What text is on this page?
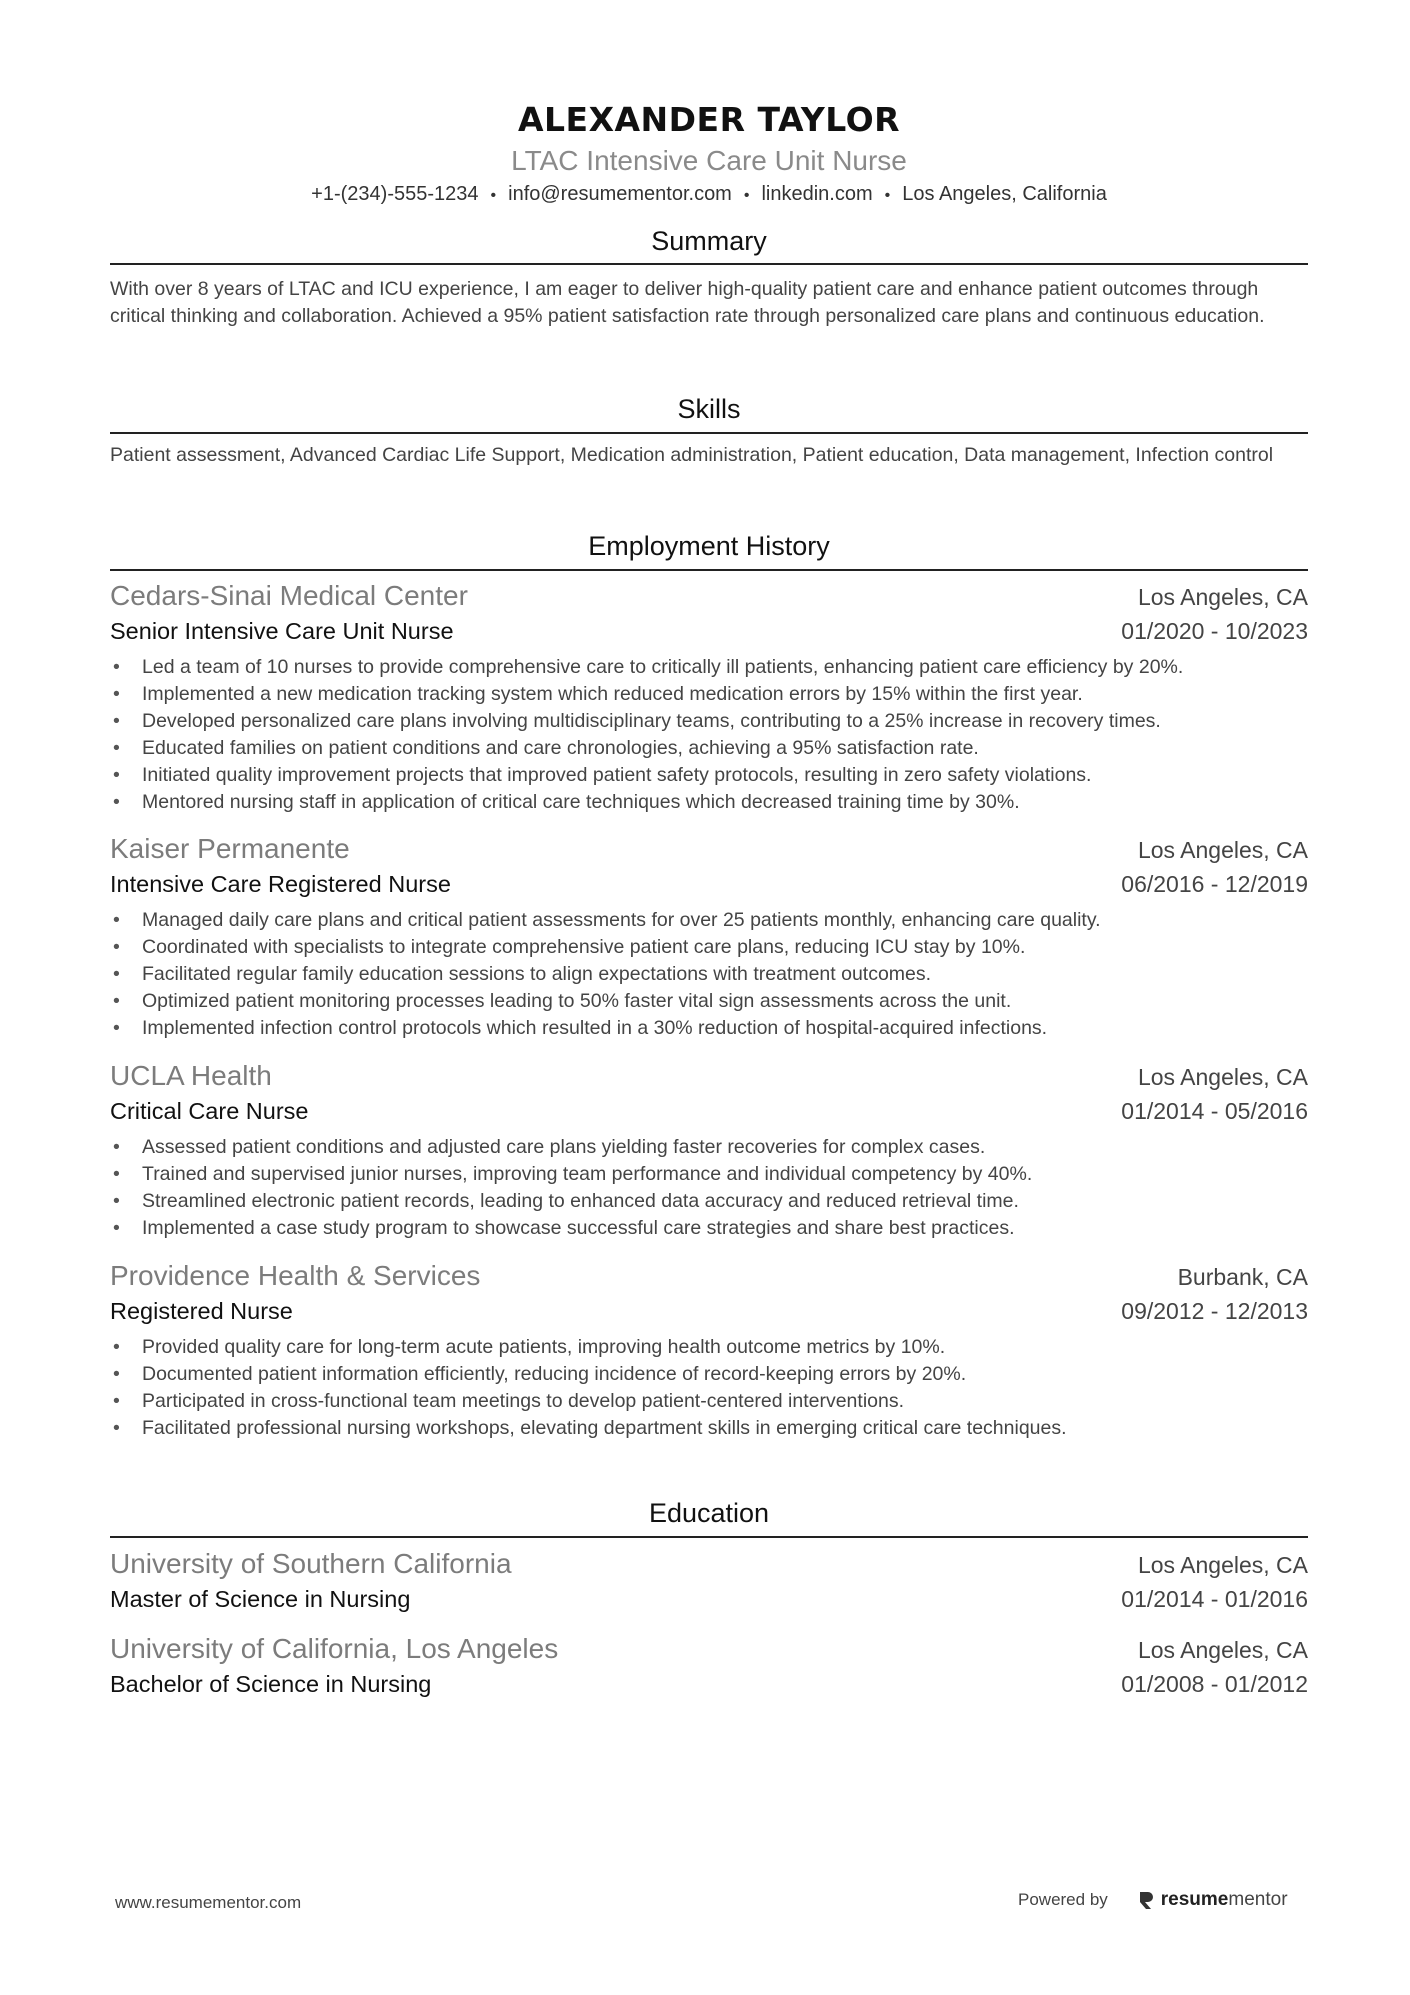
ALEXANDER TAYLOR
LTAC Intensive Care Unit Nurse
+1-(234)-555-1234 • info@resumementor.com • linkedin.com • Los Angeles, California
Summary
With over 8 years of LTAC and ICU experience, I am eager to deliver high-quality patient care and enhance patient outcomes through critical thinking and collaboration. Achieved a 95% patient satisfaction rate through personalized care plans and continuous education.
Skills
Patient assessment, Advanced Cardiac Life Support, Medication administration, Patient education, Data management, Infection control
Employment History
Cedars-Sinai Medical Center	Los Angeles, CA
Senior Intensive Care Unit Nurse	01/2020 - 10/2023
• Led a team of 10 nurses to provide comprehensive care to critically ill patients, enhancing patient care efficiency by 20%.
• Implemented a new medication tracking system which reduced medication errors by 15% within the first year.
• Developed personalized care plans involving multidisciplinary teams, contributing to a 25% increase in recovery times.
• Educated families on patient conditions and care chronologies, achieving a 95% satisfaction rate.
• Initiated quality improvement projects that improved patient safety protocols, resulting in zero safety violations.
• Mentored nursing staff in application of critical care techniques which decreased training time by 30%.
Kaiser Permanente	Los Angeles, CA
Intensive Care Registered Nurse	06/2016 - 12/2019
• Managed daily care plans and critical patient assessments for over 25 patients monthly, enhancing care quality.
• Coordinated with specialists to integrate comprehensive patient care plans, reducing ICU stay by 10%.
• Facilitated regular family education sessions to align expectations with treatment outcomes.
• Optimized patient monitoring processes leading to 50% faster vital sign assessments across the unit.
• Implemented infection control protocols which resulted in a 30% reduction of hospital-acquired infections.
UCLA Health	Los Angeles, CA
Critical Care Nurse	01/2014 - 05/2016
• Assessed patient conditions and adjusted care plans yielding faster recoveries for complex cases.
• Trained and supervised junior nurses, improving team performance and individual competency by 40%.
• Streamlined electronic patient records, leading to enhanced data accuracy and reduced retrieval time.
• Implemented a case study program to showcase successful care strategies and share best practices.
Providence Health & Services	Burbank, CA
Registered Nurse	09/2012 - 12/2013
• Provided quality care for long-term acute patients, improving health outcome metrics by 10%.
• Documented patient information efficiently, reducing incidence of record-keeping errors by 20%.
• Participated in cross-functional team meetings to develop patient-centered interventions.
• Facilitated professional nursing workshops, elevating department skills in emerging critical care techniques.
Education
University of Southern California	Los Angeles, CA
Master of Science in Nursing	01/2014 - 01/2016
University of California, Los Angeles	Los Angeles, CA
Bachelor of Science in Nursing	01/2008 - 01/2012
www.resumementor.com	Powered by	resume mentor
